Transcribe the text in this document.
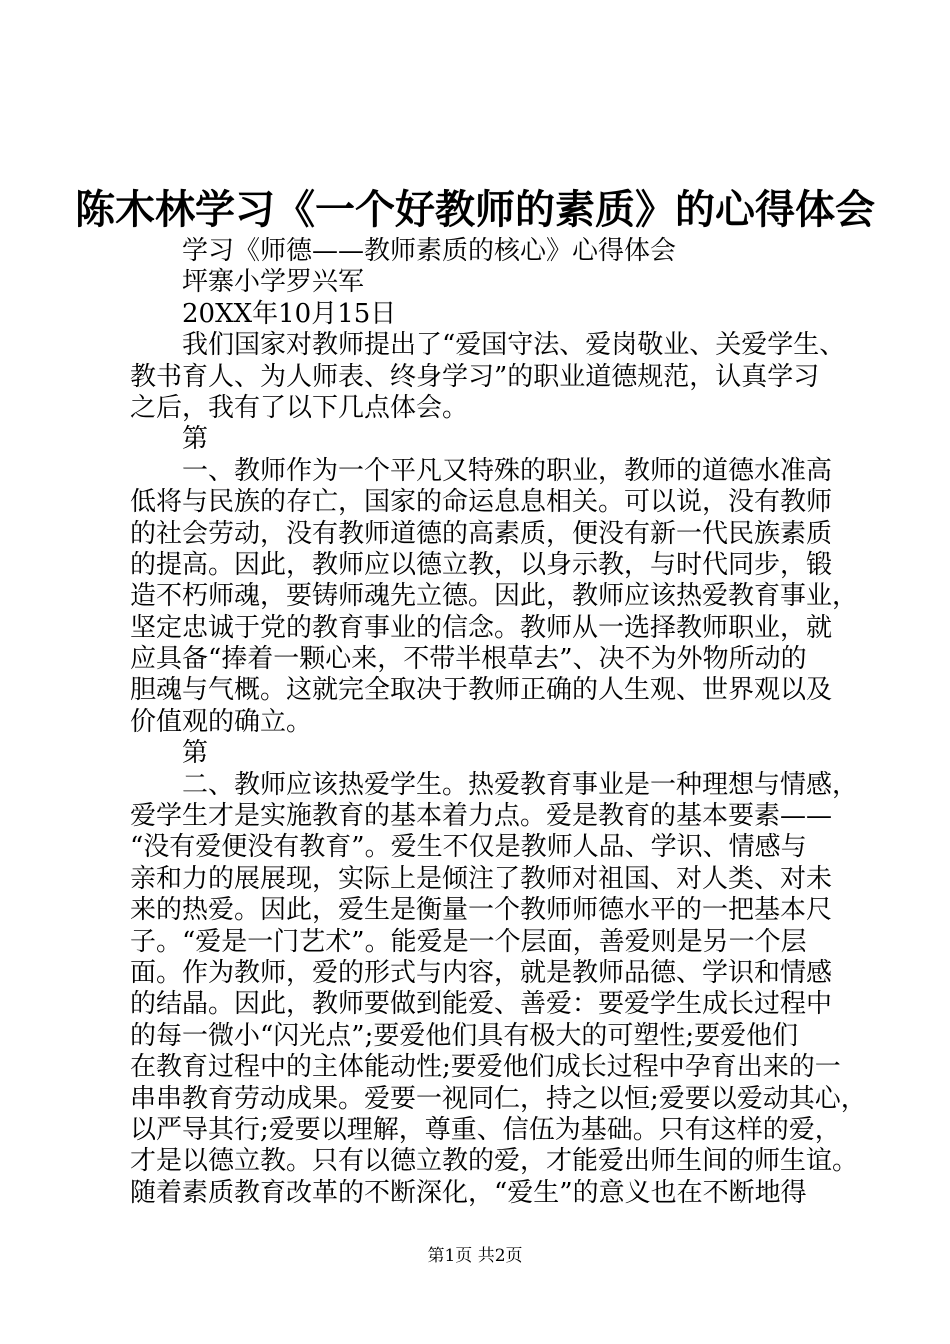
陈木林学习《一个好教师的素质》的心得体会
学习《师德——教师素质的核心》心得体会
坪寨小学罗兴军
20XX年10月15日
我们国家对教师提出了“爱国守法、爱岗敬业、关爱学生、
教书育人、为人师表、终身学习”的职业道德规范，认真学习
之后，我有了以下几点体会。
第
一、教师作为一个平凡又特殊的职业，教师的道德水准高
低将与民族的存亡，国家的命运息息相关。可以说，没有教师
的社会劳动，没有教师道德的高素质，便没有新一代民族素质
的提高。因此，教师应以德立教，以身示教，与时代同步，锻
造不朽师魂，要铸师魂先立德。因此，教师应该热爱教育事业，
坚定忠诚于党的教育事业的信念。教师从一选择教师职业，就
应具备“捧着一颗心来，不带半根草去”、决不为外物所动的
胆魂与气概。这就完全取决于教师正确的人生观、世界观以及
价值观的确立。
第
二、教师应该热爱学生。热爱教育事业是一种理想与情感，
爱学生才是实施教育的基本着力点。爱是教育的基本要素——
“没有爱便没有教育”。爱生不仅是教师人品、学识、情感与
亲和力的展展现，实际上是倾注了教师对祖国、对人类、对未
来的热爱。因此，爱生是衡量一个教师师德水平的一把基本尺
子。“爱是一门艺术”。能爱是一个层面，善爱则是另一个层
面。作为教师，爱的形式与内容，就是教师品德、学识和情感
的结晶。因此，教师要做到能爱、善爱：要爱学生成长过程中
的每一微小“闪光点”;要爱他们具有极大的可塑性;要爱他们
在教育过程中的主体能动性;要爱他们成长过程中孕育出来的一
串串教育劳动成果。爱要一视同仁，持之以恒;爱要以爱动其心，
以严导其行;爱要以理解，尊重、信伍为基础。只有这样的爱，
才是以德立教。只有以德立教的爱，才能爱出师生间的师生谊。
随着素质教育改革的不断深化，“爱生”的意义也在不断地得
第1页 共2页
